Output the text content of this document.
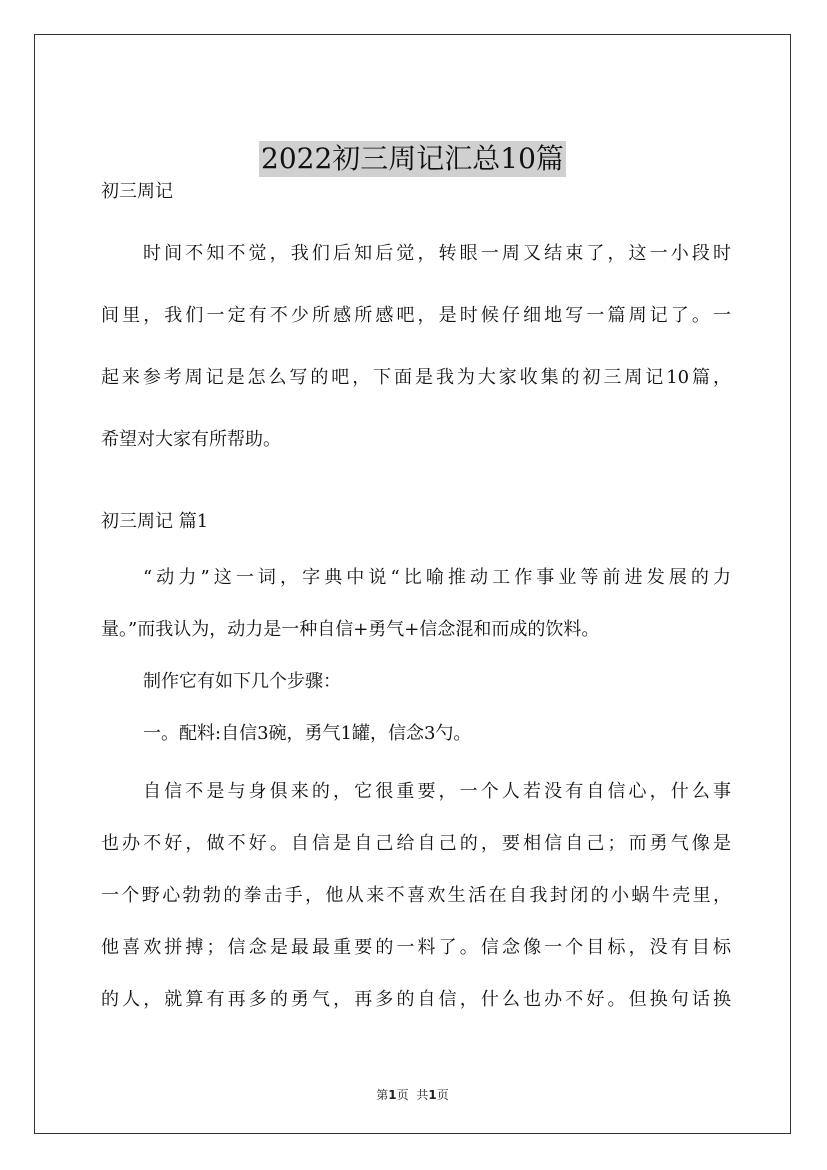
2022初三周记汇总10篇
初三周记
时间不知不觉，我们后知后觉，转眼一周又结束了，这一小段时
间里，我们一定有不少所感所感吧，是时候仔细地写一篇周记了。一
起来参考周记是怎么写的吧，下面是我为大家收集的初三周记10篇，
希望对大家有所帮助。
初三周记 篇1
“动力”这一词，字典中说“比喻推动工作事业等前进发展的力
量。”而我认为，动力是一种自信+勇气+信念混和而成的饮料。
制作它有如下几个步骤：
一。配料:自信3碗，勇气1罐，信念3勺。
自信不是与身俱来的，它很重要，一个人若没有自信心，什么事
也办不好，做不好。自信是自己给自己的，要相信自己；而勇气像是
一个野心勃勃的拳击手，他从来不喜欢生活在自我封闭的小蜗牛壳里，
他喜欢拼搏；信念是最最重要的一料了。信念像一个目标，没有目标
的人，就算有再多的勇气，再多的自信，什么也办不好。但换句话换
第1页 共1页
